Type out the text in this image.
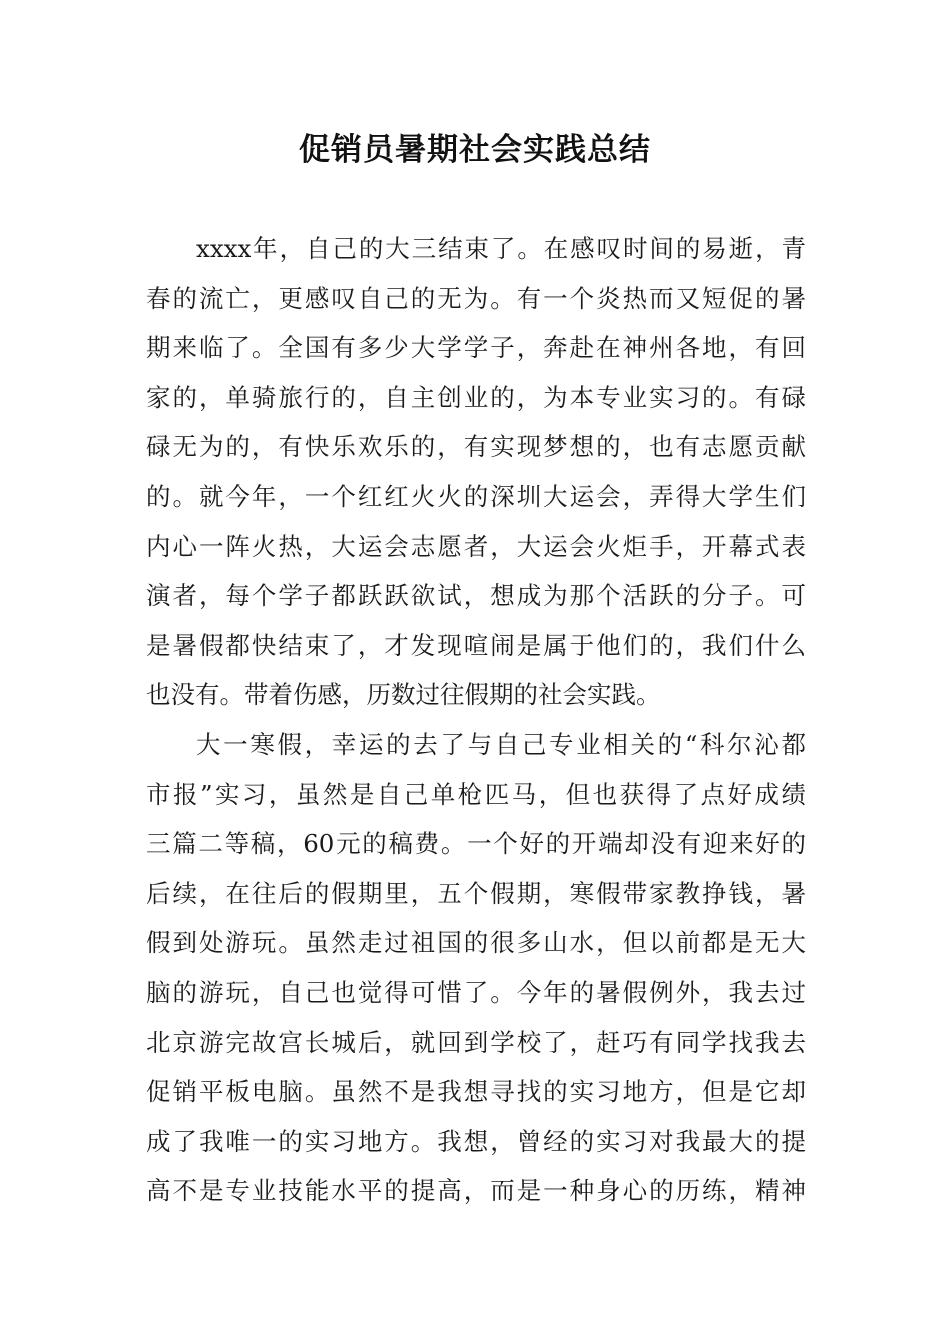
促销员暑期社会实践总结
xxxx年，自己的大三结束了。在感叹时间的易逝，青
春的流亡，更感叹自己的无为。有一个炎热而又短促的暑
期来临了。全国有多少大学学子，奔赴在神州各地，有回
家的，单骑旅行的，自主创业的，为本专业实习的。有碌
碌无为的，有快乐欢乐的，有实现梦想的，也有志愿贡献
的。就今年，一个红红火火的深圳大运会，弄得大学生们
内心一阵火热，大运会志愿者，大运会火炬手，开幕式表
演者，每个学子都跃跃欲试，想成为那个活跃的分子。可
是暑假都快结束了，才发现喧闹是属于他们的，我们什么
也没有。带着伤感，历数过往假期的社会实践。
大一寒假，幸运的去了与自己专业相关的“科尔沁都
市报”实习，虽然是自己单枪匹马，但也获得了点好成绩
三篇二等稿，60元的稿费。一个好的开端却没有迎来好的
后续，在往后的假期里，五个假期，寒假带家教挣钱，暑
假到处游玩。虽然走过祖国的很多山水，但以前都是无大
脑的游玩，自己也觉得可惜了。今年的暑假例外，我去过
北京游完故宫长城后，就回到学校了，赶巧有同学找我去
促销平板电脑。虽然不是我想寻找的实习地方，但是它却
成了我唯一的实习地方。我想，曾经的实习对我最大的提
高不是专业技能水平的提高，而是一种身心的历练，精神
